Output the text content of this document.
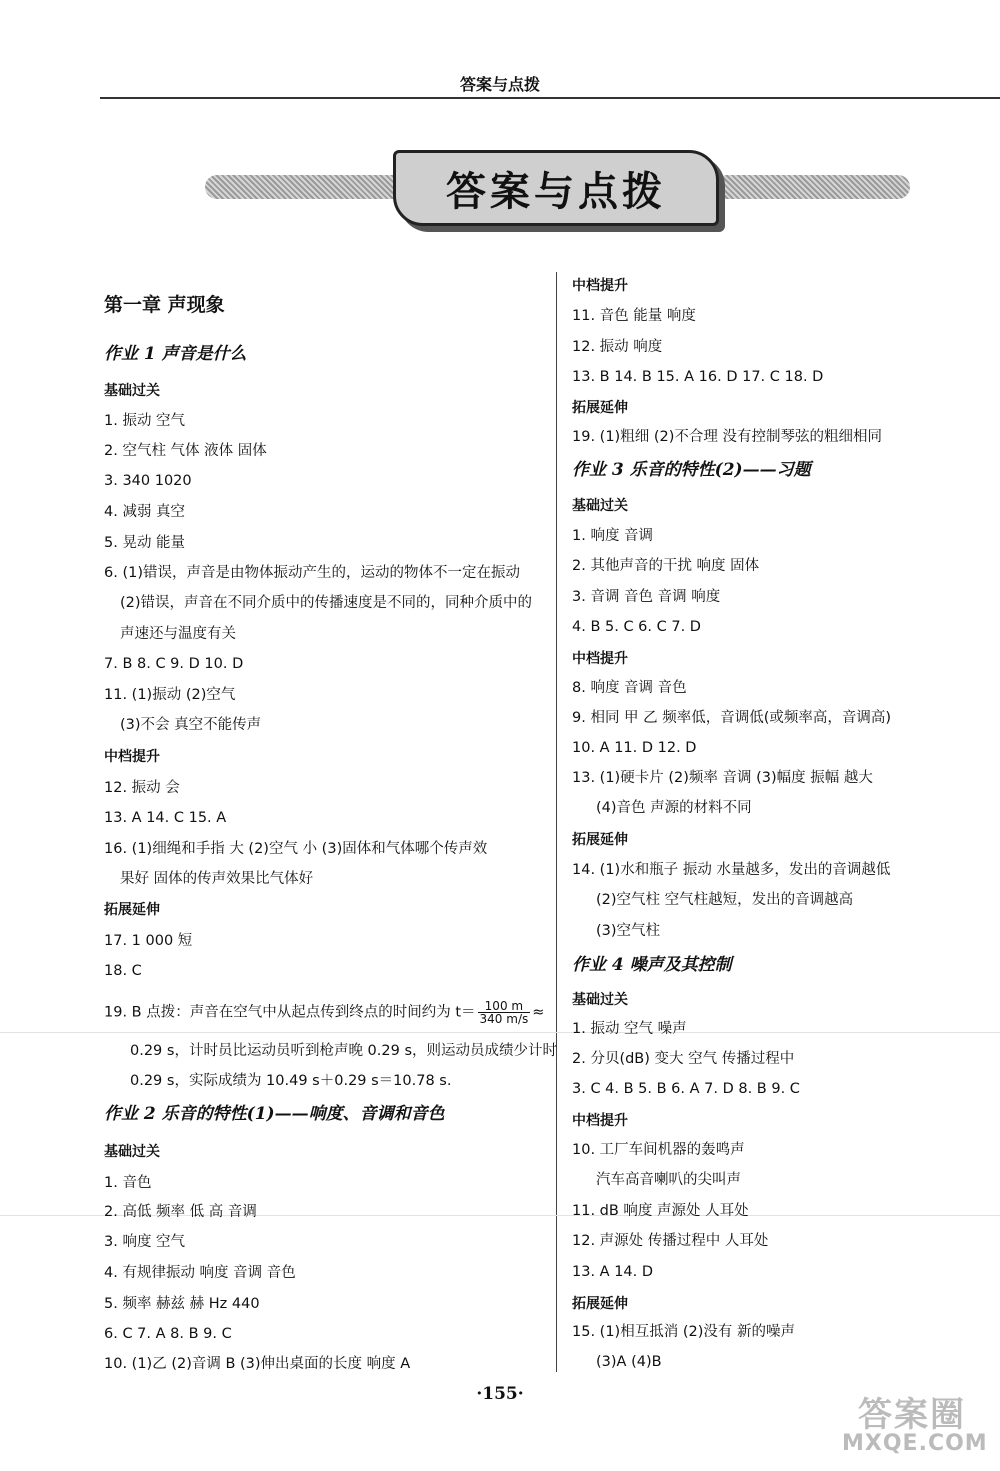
答案与点拨
答案与点拨
第一章 声现象
作业 1 声音是什么
基础过关
1. 振动 空气
2. 空气柱 气体 液体 固体
3. 340 1020
4. 减弱 真空
5. 晃动 能量
6. (1)错误，声音是由物体振动产生的，运动的物体不一定在振动
(2)错误，声音在不同介质中的传播速度是不同的，同种介质中的
声速还与温度有关
7. B 8. C 9. D 10. D
11. (1)振动 (2)空气
(3)不会 真空不能传声
中档提升
12. 振动 会
13. A 14. C 15. A
16. (1)细绳和手指 大 (2)空气 小 (3)固体和气体哪个传声效
果好 固体的传声效果比气体好
拓展延伸
17. 1 000 短
18. C
19. B 点拨：声音在空气中从起点传到终点的时间约为 $t= \frac{100 m}{340 m/s}$ ≈
0.29 s，计时员比运动员听到枪声晚 0.29 s，则运动员成绩少计时
0.29 s，实际成绩为 10.49 s＋0.29 s＝10.78 s.
作业 2 乐音的特性(1)——响度、音调和音色
基础过关
1. 音色
2. 高低 频率 低 高 音调
3. 响度 空气
4. 有规律振动 响度 音调 音色
5. 频率 赫兹 赫 Hz 440
6. C 7. A 8. B 9. C
10. (1)乙 (2)音调 B (3)伸出桌面的长度 响度 A
中档提升
11. 音色 能量 响度
12. 振动 响度
13. B 14. B 15. A 16. D 17. C 18. D
拓展延伸
19. (1)粗细 (2)不合理 没有控制琴弦的粗细相同
作业 3 乐音的特性(2)——习题
基础过关
1. 响度 音调
2. 其他声音的干扰 响度 固体
3. 音调 音色 音调 响度
4. B 5. C 6. C 7. D
中档提升
8. 响度 音调 音色
9. 相同 甲 乙 频率低，音调低(或频率高，音调高)
10. A 11. D 12. D
13. (1)硬卡片 (2)频率 音调 (3)幅度 振幅 越大
(4)音色 声源的材料不同
拓展延伸
14. (1)水和瓶子 振动 水量越多，发出的音调越低
(2)空气柱 空气柱越短，发出的音调越高
(3)空气柱
作业 4 噪声及其控制
基础过关
1. 振动 空气 噪声
2. 分贝(dB) 变大 空气 传播过程中
3. C 4. B 5. B 6. A 7. D 8. B 9. C
中档提升
10. 工厂车间机器的轰鸣声
汽车高音喇叭的尖叫声
11. dB 响度 声源处 人耳处
12. 声源处 传播过程中 人耳处
13. A 14. D
拓展延伸
15. (1)相互抵消 (2)没有 新的噪声
(3)A (4)B
·155·
答案圈
MXQE.COM
